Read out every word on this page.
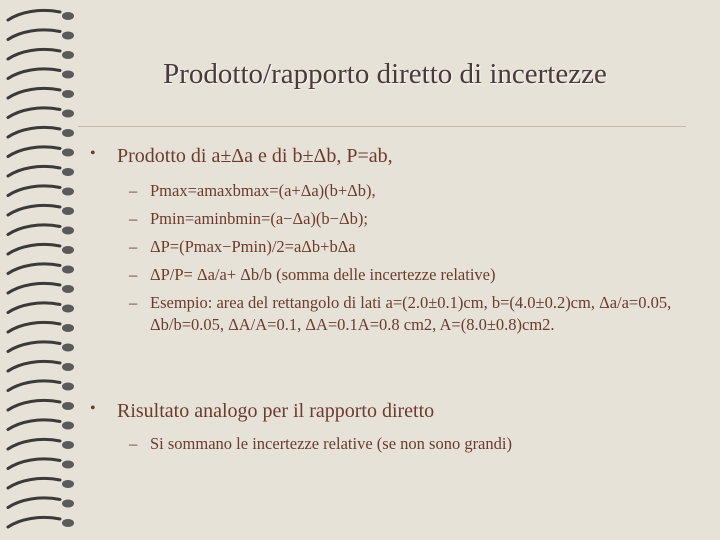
Prodotto/rapporto diretto di incertezze
• Prodotto di a±Δa e di b±Δb, P=ab,
– Pmax=amaxbmax=(a+Δa)(b+Δb),
– Pmin=aminbmin=(a−Δa)(b−Δb);
– ΔP=(Pmax−Pmin)/2=aΔb+bΔa
– ΔP/P= Δa/a+ Δb/b (somma delle incertezze relative)
– Esempio: area del rettangolo di lati a=(2.0±0.1)cm, b=(4.0±0.2)cm, Δa/a=0.05, Δb/b=0.05, ΔA/A=0.1, ΔA=0.1A=0.8 cm2, A=(8.0±0.8)cm2.
• Risultato analogo per il rapporto diretto
– Si sommano le incertezze relative (se non sono grandi)
